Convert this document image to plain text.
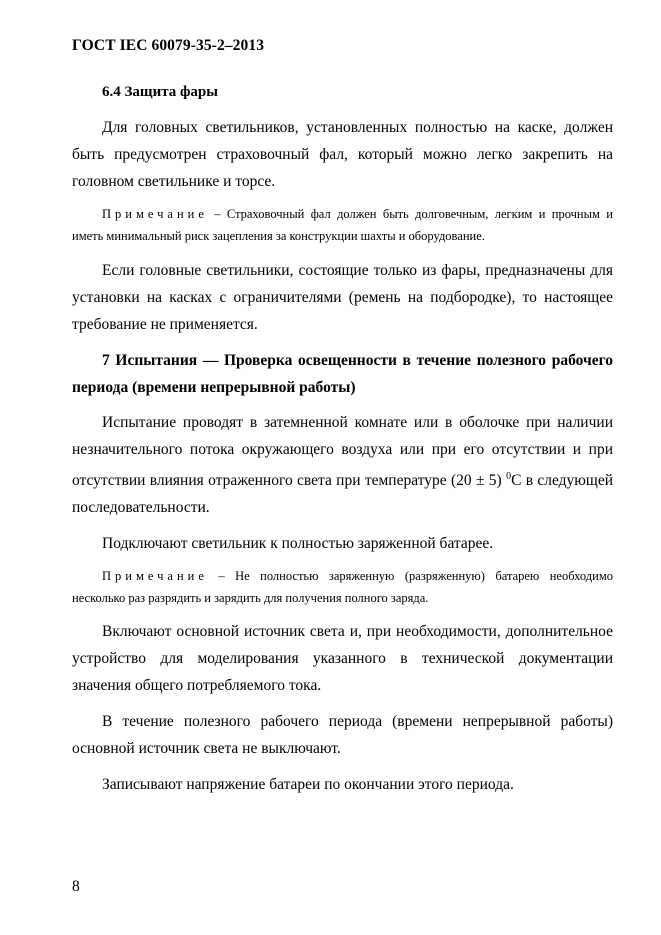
ГОСТ IEC 60079-35-2–2013
6.4 Защита фары

Для головных светильников, установленных полностью на каске, должен быть предусмотрен страховочный фал, который можно легко закрепить на головном светильнике и торсе.

Примечание – Страховочный фал должен быть долговечным, легким и прочным и иметь минимальный риск зацепления за конструкции шахты и оборудование.

Если головные светильники, состоящие только из фары, предназначены для установки на касках с ограничителями (ремень на подбородке), то настоящее требование не применяется.

7 Испытания — Проверка освещенности в течение полезного рабочего периода (времени непрерывной работы)

Испытание проводят в затемненной комнате или в оболочке при наличии незначительного потока окружающего воздуха или при его отсутствии и при отсутствии влияния отраженного света при температуре (20 ± 5) $^0$С в следующей последовательности.

Подключают светильник к полностью заряженной батарее.

Примечание – Не полностью заряженную (разряженную) батарею необходимо несколько раз разрядить и зарядить для получения полного заряда.

Включают основной источник света и, при необходимости, дополнительное устройство для моделирования указанного в технической документации значения общего потребляемого тока.

В течение полезного рабочего периода (времени непрерывной работы) основной источник света не выключают.

Записывают напряжение батареи по окончании этого периода.

8
